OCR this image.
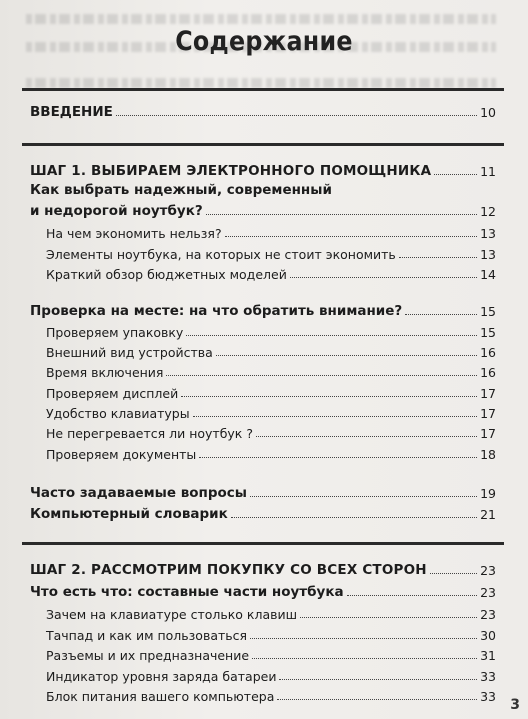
Содержание
ВВЕДЕНИЕ	10
ШАГ 1. ВЫБИРАЕМ ЭЛЕКТРОННОГО ПОМОЩНИКА	11
Как выбрать надежный, современный
и недорогой ноутбук?	12
На чем экономить нельзя?	13
Элементы ноутбука, на которых не стоит экономить	13
Краткий обзор бюджетных моделей	14
Проверка на месте: на что обратить внимание?	15
Проверяем упаковку	15
Внешний вид устройства	16
Время включения	16
Проверяем дисплей	17
Удобство клавиатуры	17
Не перегревается ли ноутбук ?	17
Проверяем документы	18
Часто задаваемые вопросы	19
Компьютерный словарик	21
ШАГ 2. РАССМОТРИМ ПОКУПКУ СО ВСЕХ СТОРОН	23
Что есть что: составные части ноутбука	23
Зачем на клавиатуре столько клавиш	23
Тачпад и как им пользоваться	30
Разъемы и их предназначение	31
Индикатор уровня заряда батареи	33
Блок питания вашего компьютера	33
3
